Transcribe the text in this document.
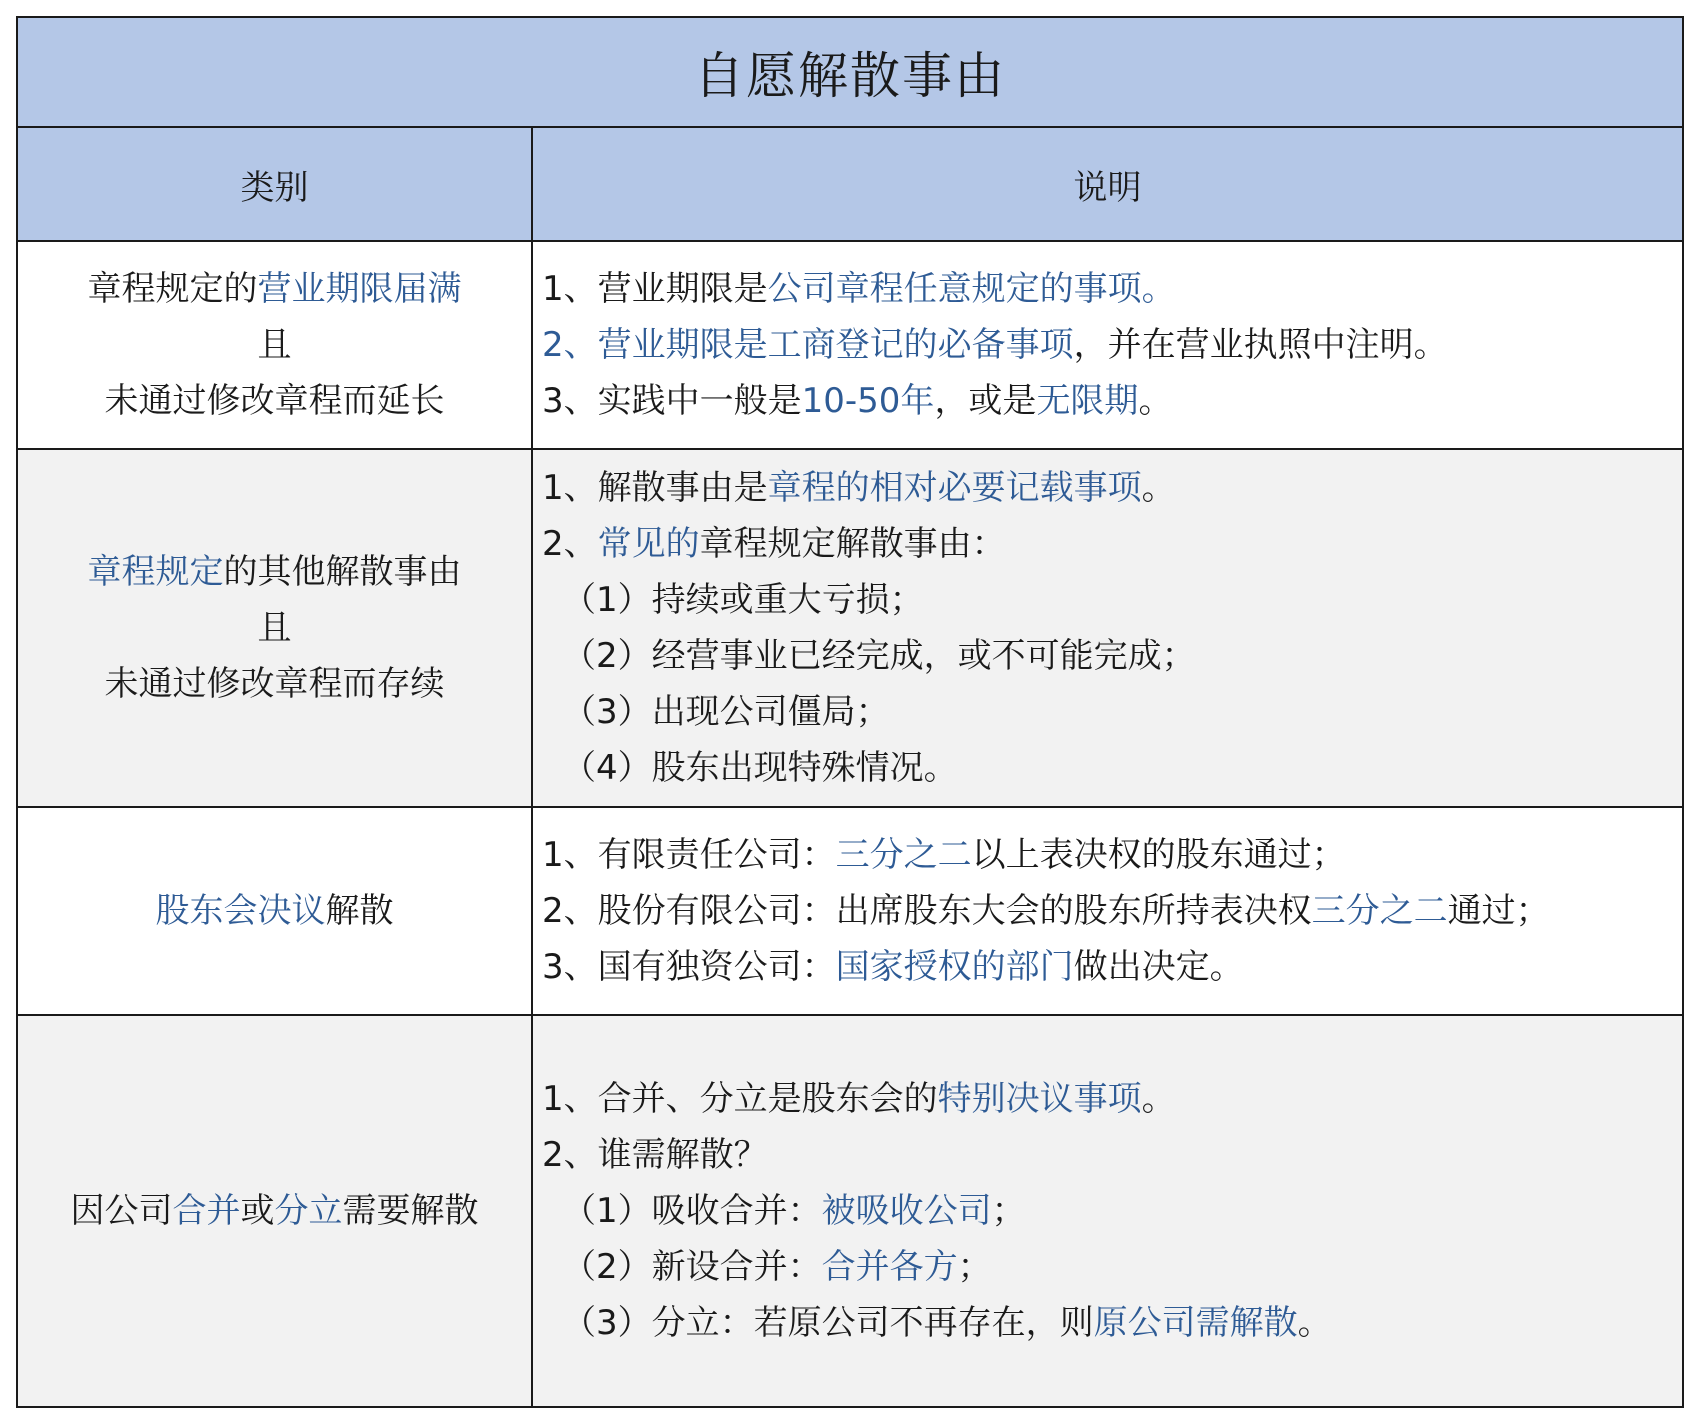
自愿解散事由
类别	说明
章程规定的营业期限届满
且
未通过修改章程而延长
1、营业期限是公司章程任意规定的事项。
2、营业期限是工商登记的必备事项，并在营业执照中注明。
3、实践中一般是10-50年，或是无限期。
章程规定的其他解散事由
且
未通过修改章程而存续
1、解散事由是章程的相对必要记载事项。
2、常见的章程规定解散事由：
（1）持续或重大亏损；
（2）经营事业已经完成，或不可能完成；
（3）出现公司僵局；
（4）股东出现特殊情况。
股东会决议解散
1、有限责任公司：三分之二以上表决权的股东通过；
2、股份有限公司：出席股东大会的股东所持表决权三分之二通过；
3、国有独资公司：国家授权的部门做出决定。
因公司合并或分立需要解散
1、合并、分立是股东会的特别决议事项。
2、谁需解散？
（1）吸收合并：被吸收公司；
（2）新设合并：合并各方；
（3）分立：若原公司不再存在，则原公司需解散。
